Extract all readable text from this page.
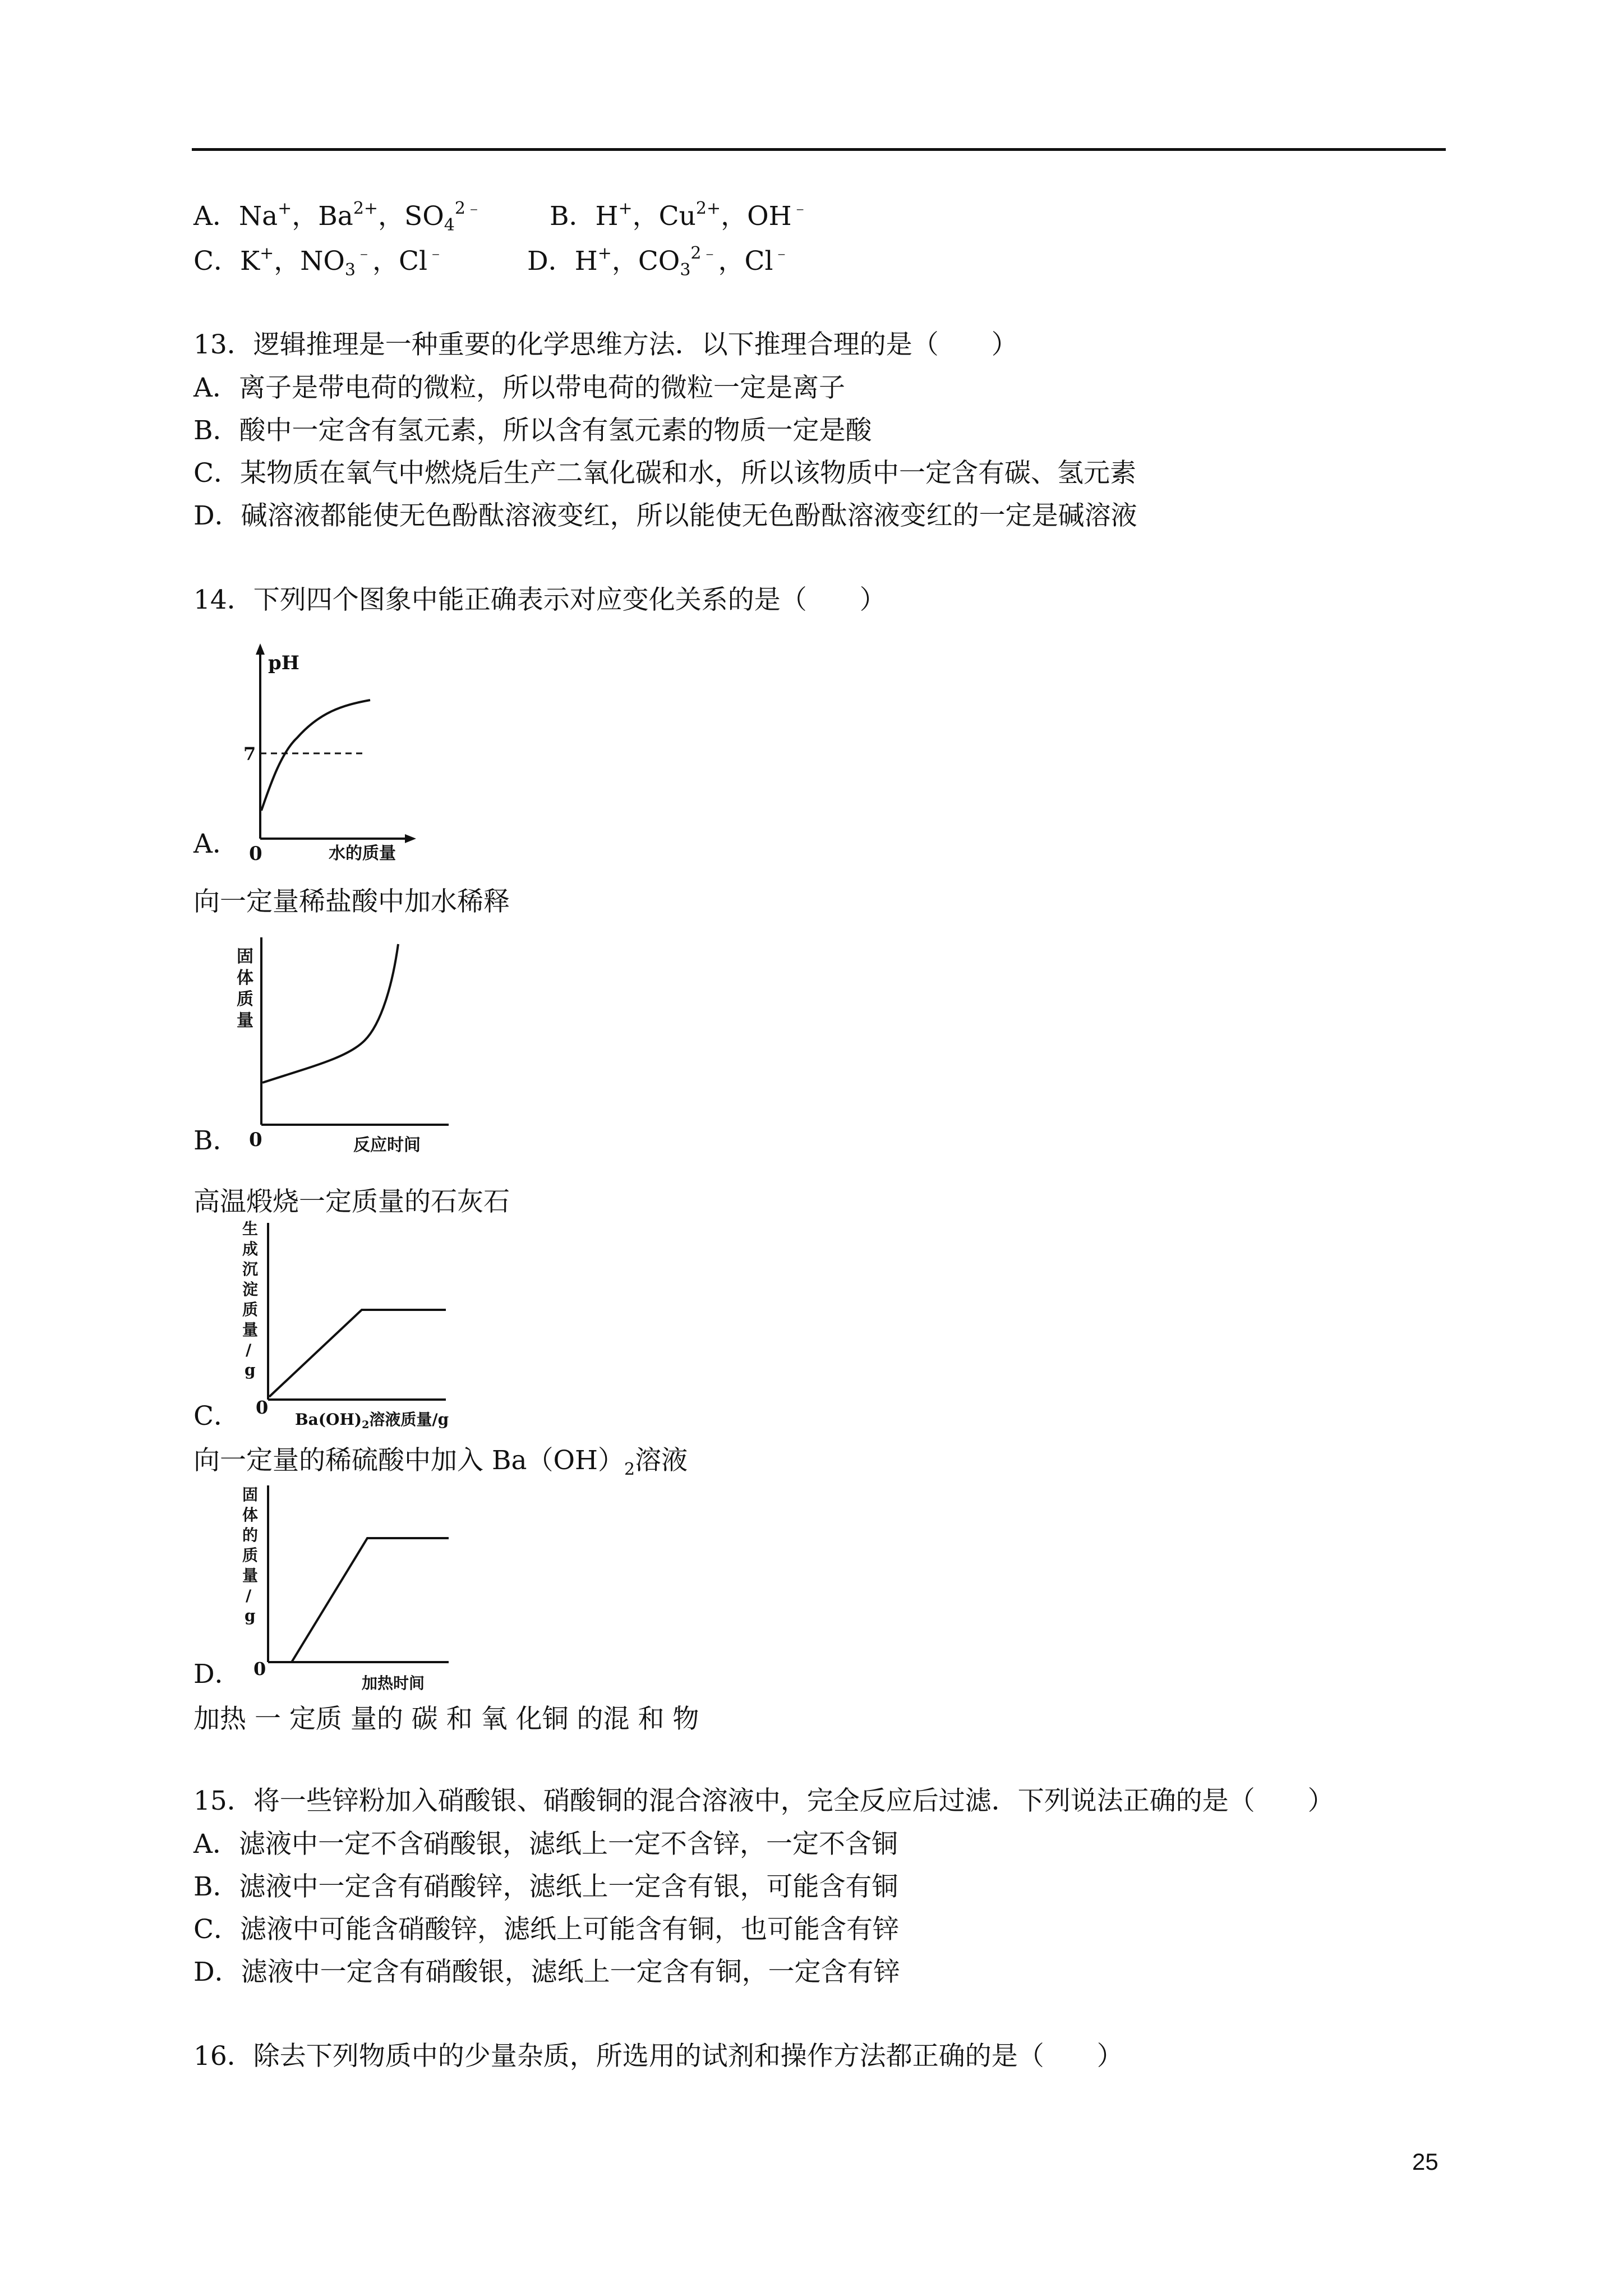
A．Na+，$Ba^{2+}$，$SO_4^{2﹣}$	B．H+，$Cu^{2+}$，OH﹣
C．K+，$NO_3^﹣$，Cl﹣	D．H+，$CO_3^{2﹣}$，Cl﹣
13．逻辑推理是一种重要的化学思维方法．以下推理合理的是（　　）
A．离子是带电荷的微粒，所以带电荷的微粒一定是离子
B．酸中一定含有氢元素，所以含有氢元素的物质一定是酸
C．某物质在氧气中燃烧后生产二氧化碳和水，所以该物质中一定含有碳、氢元素
D．碱溶液都能使无色酚酞溶液变红，所以能使无色酚酞溶液变红的一定是碱溶液
14．下列四个图象中能正确表示对应变化关系的是（　　）
pH
7
0	水的质量
A．
向一定量稀盐酸中加水稀释
固 体 质 量
0	反应时间
B．
高温煅烧一定质量的石灰石
生 成 沉 淀 质 量 / g
0
$Ba(OH)_2$溶液质量/g
C．
向一定量的稀硫酸中加入 $Ba(OH)_2$溶液
固 体 的 质 量 / g
0
加热时间
D．
加热 一 定质 量的 碳 和 氧 化铜 的混 和 物
15．将一些锌粉加入硝酸银、硝酸铜的混合溶液中，完全反应后过滤．下列说法正确的是（　　）
A．滤液中一定不含硝酸银，滤纸上一定不含锌，一定不含铜
B．滤液中一定含有硝酸锌，滤纸上一定含有银，可能含有铜
C．滤液中可能含硝酸锌，滤纸上可能含有铜，也可能含有锌
D．滤液中一定含有硝酸银，滤纸上一定含有铜，一定含有锌
16．除去下列物质中的少量杂质，所选用的试剂和操作方法都正确的是（　　）
25
